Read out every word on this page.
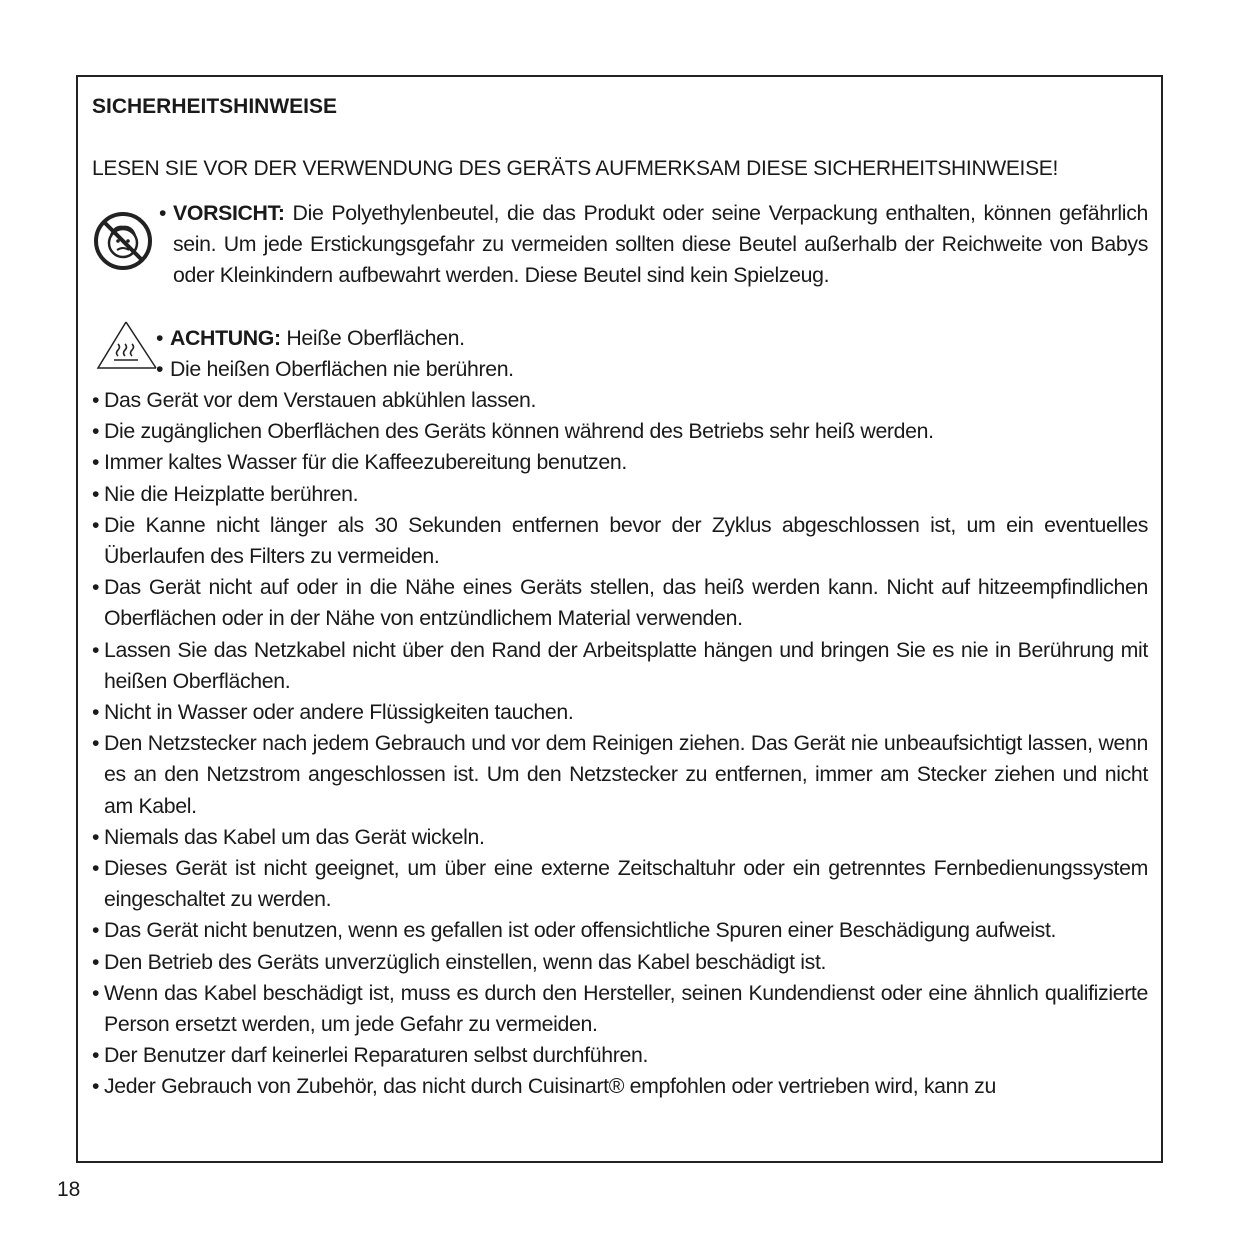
SICHERHEITSHINWEISE
LESEN SIE VOR DER VERWENDUNG DES GERÄTS AUFMERKSAM DIESE SICHERHEITSHINWEISE!
• VORSICHT: Die Polyethylenbeutel, die das Produkt oder seine Verpackung enthalten, können gefährlich sein. Um jede Erstickungsgefahr zu vermeiden sollten diese Beutel außerhalb der Reichweite von Babys oder Kleinkindern aufbewahrt werden. Diese Beutel sind kein Spielzeug.
• ACHTUNG: Heiße Oberflächen.
• Die heißen Oberflächen nie berühren.
• Das Gerät vor dem Verstauen abkühlen lassen.
• Die zugänglichen Oberflächen des Geräts können während des Betriebs sehr heiß werden.
• Immer kaltes Wasser für die Kaffeezubereitung benutzen.
• Nie die Heizplatte berühren.
• Die Kanne nicht länger als 30 Sekunden entfernen bevor der Zyklus abgeschlossen ist, um ein eventuelles Überlaufen des Filters zu vermeiden.
• Das Gerät nicht auf oder in die Nähe eines Geräts stellen, das heiß werden kann. Nicht auf hitzeempfindlichen Oberflächen oder in der Nähe von entzündlichem Material verwenden.
• Lassen Sie das Netzkabel nicht über den Rand der Arbeitsplatte hängen und bringen Sie es nie in Berührung mit heißen Oberflächen.
• Nicht in Wasser oder andere Flüssigkeiten tauchen.
• Den Netzstecker nach jedem Gebrauch und vor dem Reinigen ziehen. Das Gerät nie unbeaufsichtigt lassen, wenn es an den Netzstrom angeschlossen ist. Um den Netzstecker zu entfernen, immer am Stecker ziehen und nicht am Kabel.
• Niemals das Kabel um das Gerät wickeln.
• Dieses Gerät ist nicht geeignet, um über eine externe Zeitschaltuhr oder ein getrenntes Fernbedienungssystem eingeschaltet zu werden.
• Das Gerät nicht benutzen, wenn es gefallen ist oder offensichtliche Spuren einer Beschädigung aufweist.
• Den Betrieb des Geräts unverzüglich einstellen, wenn das Kabel beschädigt ist.
• Wenn das Kabel beschädigt ist, muss es durch den Hersteller, seinen Kundendienst oder eine ähnlich qualifizierte Person ersetzt werden, um jede Gefahr zu vermeiden.
• Der Benutzer darf keinerlei Reparaturen selbst durchführen.
• Jeder Gebrauch von Zubehör, das nicht durch Cuisinart® empfohlen oder vertrieben wird, kann zu
18
